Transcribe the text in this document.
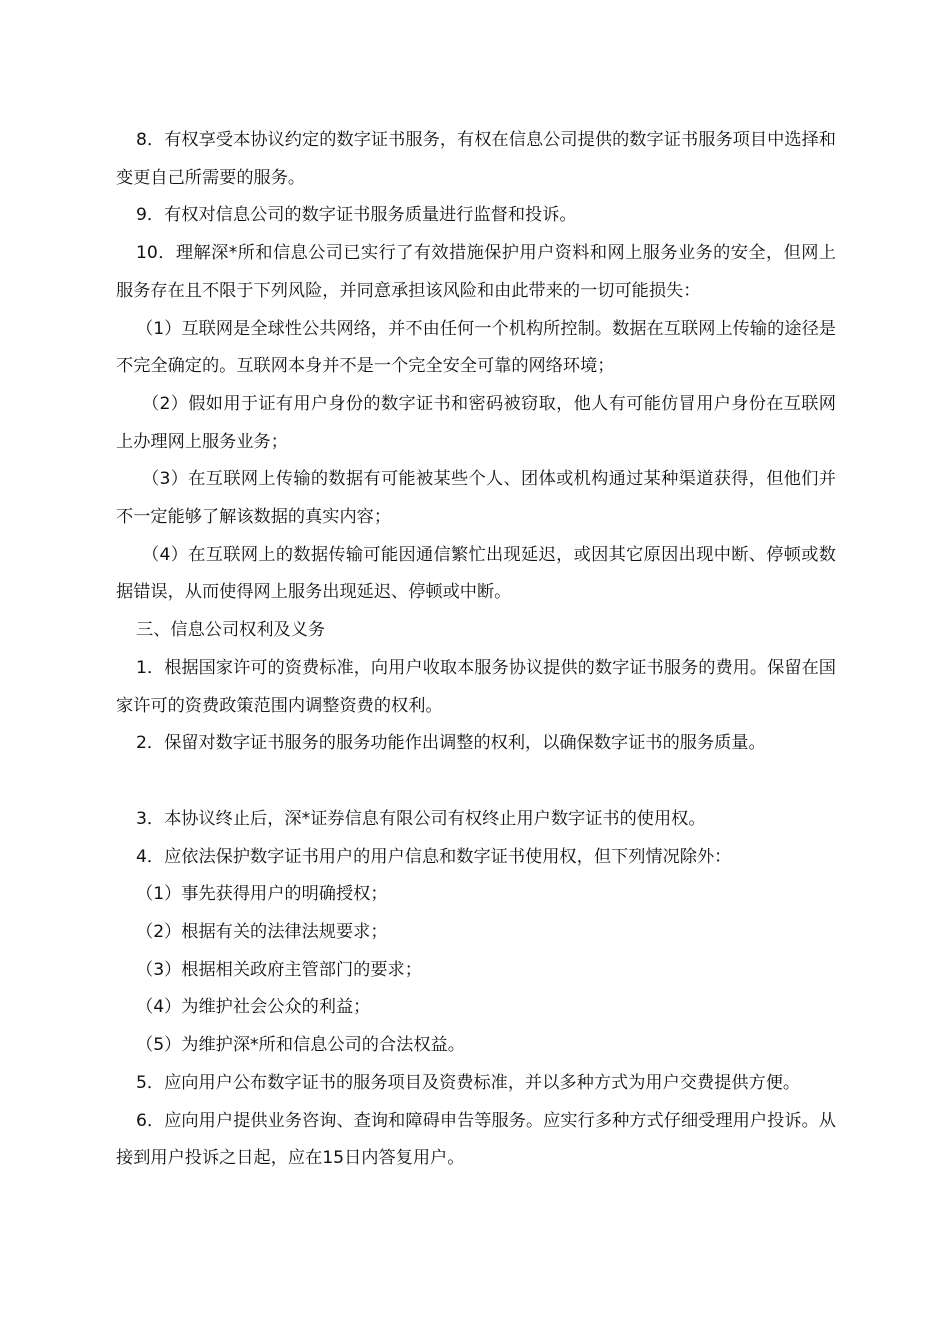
8．有权享受本协议约定的数字证书服务，有权在信息公司提供的数字证书服务项目中选择和变更自己所需要的服务。

9．有权对信息公司的数字证书服务质量进行监督和投诉。

10．理解深*所和信息公司已实行了有效措施保护用户资料和网上服务业务的安全，但网上服务存在且不限于下列风险，并同意承担该风险和由此带来的一切可能损失：

（1）互联网是全球性公共网络，并不由任何一个机构所控制。数据在互联网上传输的途径是不完全确定的。互联网本身并不是一个完全安全可靠的网络环境；

（2）假如用于证有用户身份的数字证书和密码被窃取，他人有可能仿冒用户身份在互联网上办理网上服务业务；

（3）在互联网上传输的数据有可能被某些个人、团体或机构通过某种渠道获得，但他们并不一定能够了解该数据的真实内容；

（4）在互联网上的数据传输可能因通信繁忙出现延迟，或因其它原因出现中断、停顿或数据错误，从而使得网上服务出现延迟、停顿或中断。

三、信息公司权利及义务

1．根据国家许可的资费标准，向用户收取本服务协议提供的数字证书服务的费用。保留在国家许可的资费政策范围内调整资费的权利。

2．保留对数字证书服务的服务功能作出调整的权利，以确保数字证书的服务质量。

3．本协议终止后，深*证券信息有限公司有权终止用户数字证书的使用权。

4．应依法保护数字证书用户的用户信息和数字证书使用权，但下列情况除外：

（1）事先获得用户的明确授权；

（2）根据有关的法律法规要求；

（3）根据相关政府主管部门的要求；

（4）为维护社会公众的利益；

（5）为维护深*所和信息公司的合法权益。

5．应向用户公布数字证书的服务项目及资费标准，并以多种方式为用户交费提供方便。

6．应向用户提供业务咨询、查询和障碍申告等服务。应实行多种方式仔细受理用户投诉。从接到用户投诉之日起，应在15日内答复用户。
